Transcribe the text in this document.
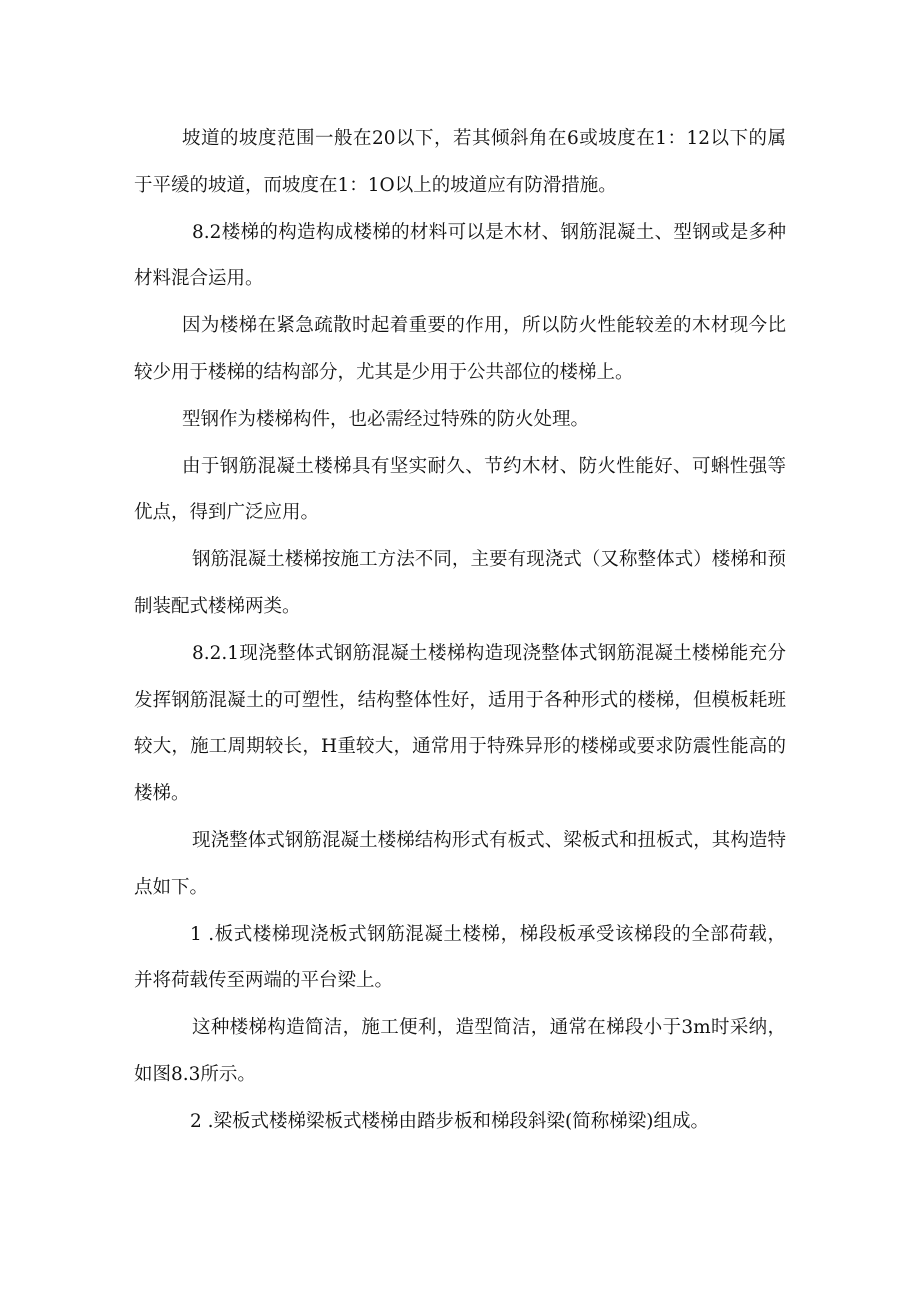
坡道的坡度范围一般在20以下，若其倾斜角在6或坡度在1：12以下的属于平缓的坡道，而坡度在1：1O以上的坡道应有防滑措施。

8.2楼梯的构造构成楼梯的材料可以是木材、钢筋混凝土、型钢或是多种材料混合运用。

因为楼梯在紧急疏散时起着重要的作用，所以防火性能较差的木材现今比较少用于楼梯的结构部分，尤其是少用于公共部位的楼梯上。

型钢作为楼梯构件，也必需经过特殊的防火处理。

由于钢筋混凝土楼梯具有坚实耐久、节约木材、防火性能好、可蝌性强等优点，得到广泛应用。

钢筋混凝土楼梯按施工方法不同，主要有现浇式（又称整体式）楼梯和预制装配式楼梯两类。

8.2.1现浇整体式钢筋混凝土楼梯构造现浇整体式钢筋混凝土楼梯能充分发挥钢筋混凝土的可塑性，结构整体性好，适用于各种形式的楼梯，但模板耗班较大，施工周期较长，H重较大，通常用于特殊异形的楼梯或要求防震性能高的楼梯。

现浇整体式钢筋混凝土楼梯结构形式有板式、梁板式和扭板式，其构造特点如下。

1 .板式楼梯现浇板式钢筋混凝土楼梯，梯段板承受该梯段的全部荷载，并将荷载传至两端的平台梁上。

这种楼梯构造简洁，施工便利，造型简洁，通常在梯段小于3m时采纳，如图8.3所示。

2 .梁板式楼梯梁板式楼梯由踏步板和梯段斜梁(简称梯梁)组成。
